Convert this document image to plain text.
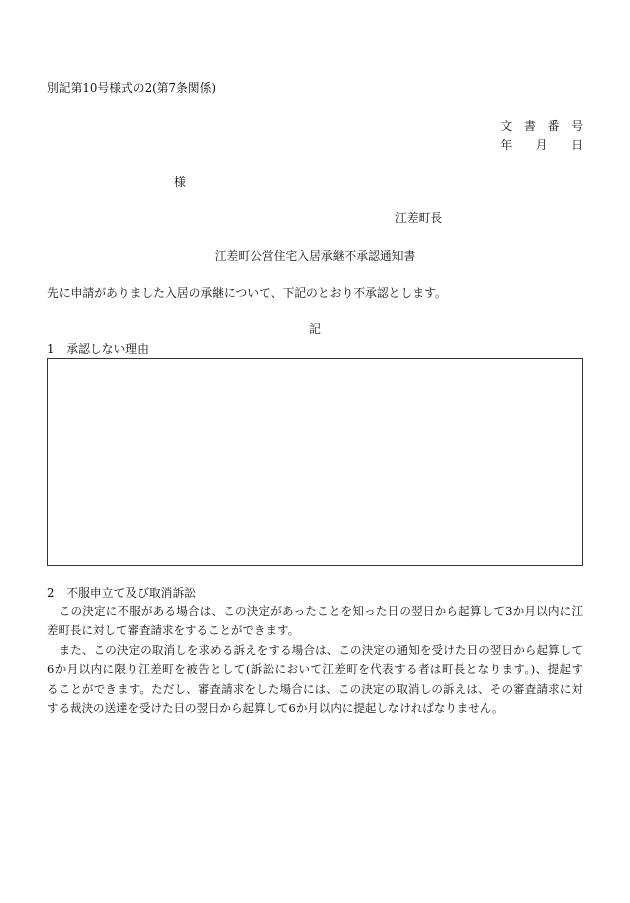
別記第10号様式の2(第7条関係)
文　書　番　号
年　　月　　日
様
江差町長
江差町公営住宅入居承継不承認通知書
先に申請がありました入居の承継について、下記のとおり不承認とします。
記
1　承認しない理由
2　不服申立て及び取消訴訟
　この決定に不服がある場合は、この決定があったことを知った日の翌日から起算して3か月以内に江
差町長に対して審査請求をすることができます。
　また、この決定の取消しを求める訴えをする場合は、この決定の通知を受けた日の翌日から起算して
6か月以内に限り江差町を被告として(訴訟において江差町を代表する者は町長となります。)、提起す
ることができます。ただし、審査請求をした場合には、この決定の取消しの訴えは、その審査請求に対
する裁決の送達を受けた日の翌日から起算して6か月以内に提起しなければなりません。
